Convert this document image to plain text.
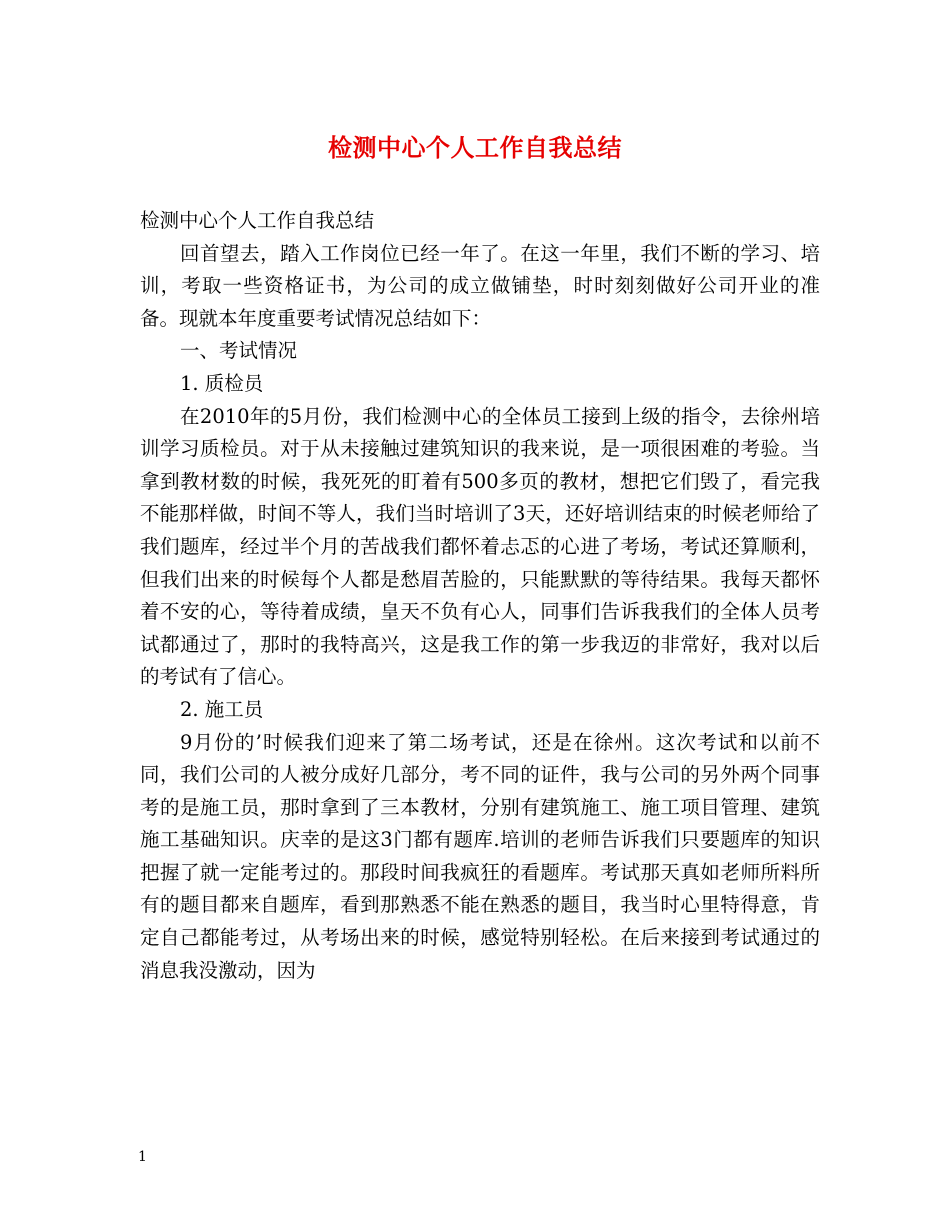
检测中心个人工作自我总结

检测中心个人工作自我总结

回首望去，踏入工作岗位已经一年了。在这一年里，我们不断的学习、培训，考取一些资格证书，为公司的成立做铺垫，时时刻刻做好公司开业的准备。现就本年度重要考试情况总结如下：

一、考试情况

1. 质检员

在2010年的5月份，我们检测中心的全体员工接到上级的指令，去徐州培训学习质检员。对于从未接触过建筑知识的我来说，是一项很困难的考验。当拿到教材数的时候，我死死的盯着有500多页的教材，想把它们毁了，看完我不能那样做，时间不等人，我们当时培训了3天，还好培训结束的时候老师给了我们题库，经过半个月的苦战我们都怀着忐忑的心进了考场，考试还算顺利，但我们出来的时候每个人都是愁眉苦脸的，只能默默的等待结果。我每天都怀着不安的心，等待着成绩，皇天不负有心人，同事们告诉我我们的全体人员考试都通过了，那时的我特高兴，这是我工作的第一步我迈的非常好，我对以后的考试有了信心。

2. 施工员

9月份的’时候我们迎来了第二场考试，还是在徐州。这次考试和以前不同，我们公司的人被分成好几部分，考不同的证件，我与公司的另外两个同事考的是施工员，那时拿到了三本教材，分别有建筑施工、施工项目管理、建筑施工基础知识。庆幸的是这3门都有题库.培训的老师告诉我们只要题库的知识把握了就一定能考过的。那段时间我疯狂的看题库。考试那天真如老师所料所有的题目都来自题库，看到那熟悉不能在熟悉的题目，我当时心里特得意，肯定自己都能考过，从考场出来的时候，感觉特别轻松。在后来接到考试通过的消息我没激动，因为

1
